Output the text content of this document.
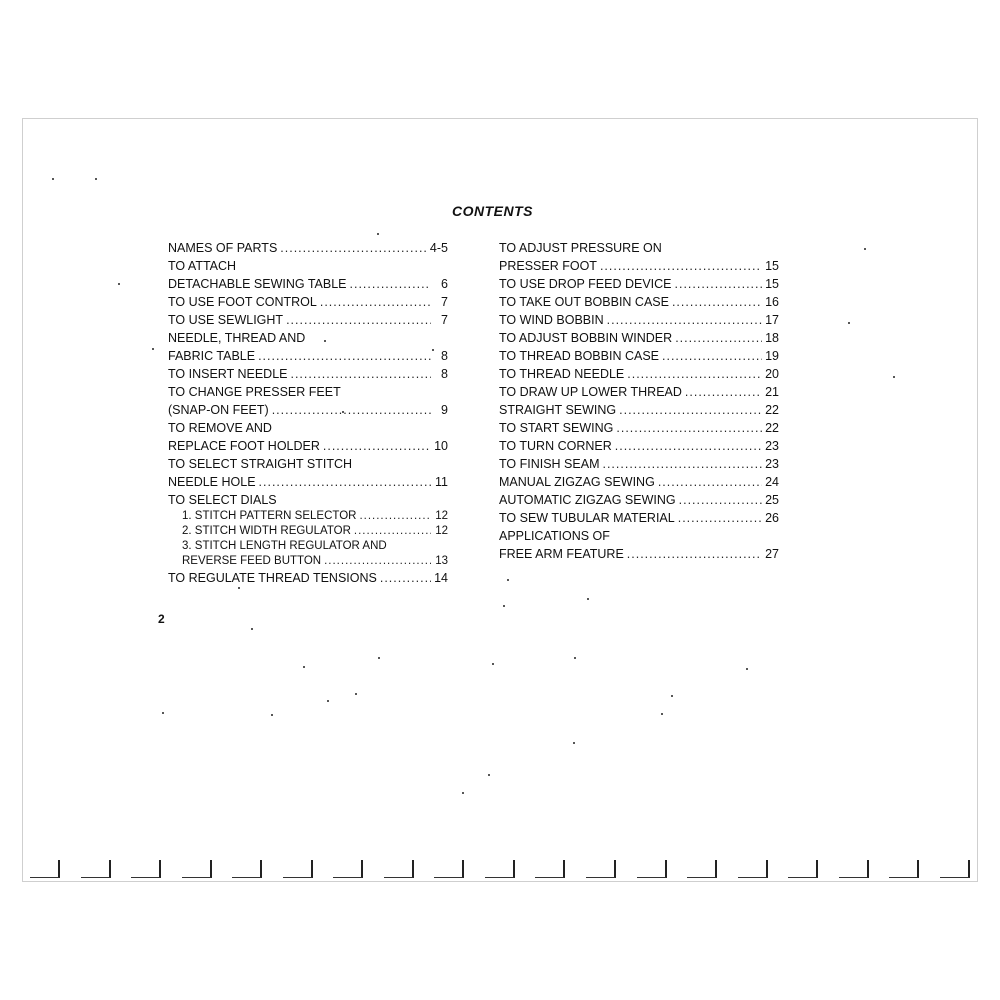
CONTENTS
NAMES OF PARTS .....	4-5
TO ATTACH
DETACHABLE SEWING TABLE .....	6
TO USE FOOT CONTROL .....	7
TO USE SEWLIGHT .....	7
NEEDLE, THREAD AND
FABRIC TABLE .....	8
TO INSERT NEEDLE .....	8
TO CHANGE PRESSER FEET
(SNAP-ON FEET) .....	9
TO REMOVE AND
REPLACE FOOT HOLDER .....	10
TO SELECT STRAIGHT STITCH
NEEDLE HOLE .....	11
TO SELECT DIALS
1. STITCH PATTERN SELECTOR .....	12
2. STITCH WIDTH REGULATOR .....	12
3. STITCH LENGTH REGULATOR AND
REVERSE FEED BUTTON .....	13
TO REGULATE THREAD TENSIONS .....	14
TO ADJUST PRESSURE ON
PRESSER FOOT .....	15
TO USE DROP FEED DEVICE .....	15
TO TAKE OUT BOBBIN CASE .....	16
TO WIND BOBBIN .....	17
TO ADJUST BOBBIN WINDER .....	18
TO THREAD BOBBIN CASE .....	19
TO THREAD NEEDLE .....	20
TO DRAW UP LOWER THREAD .....	21
STRAIGHT SEWING .....	22
TO START SEWING .....	22
TO TURN CORNER .....	23
TO FINISH SEAM .....	23
MANUAL ZIGZAG SEWING .....	24
AUTOMATIC ZIGZAG SEWING .....	25
TO SEW TUBULAR MATERIAL .....	26
APPLICATIONS OF
FREE ARM FEATURE .....	27
2
